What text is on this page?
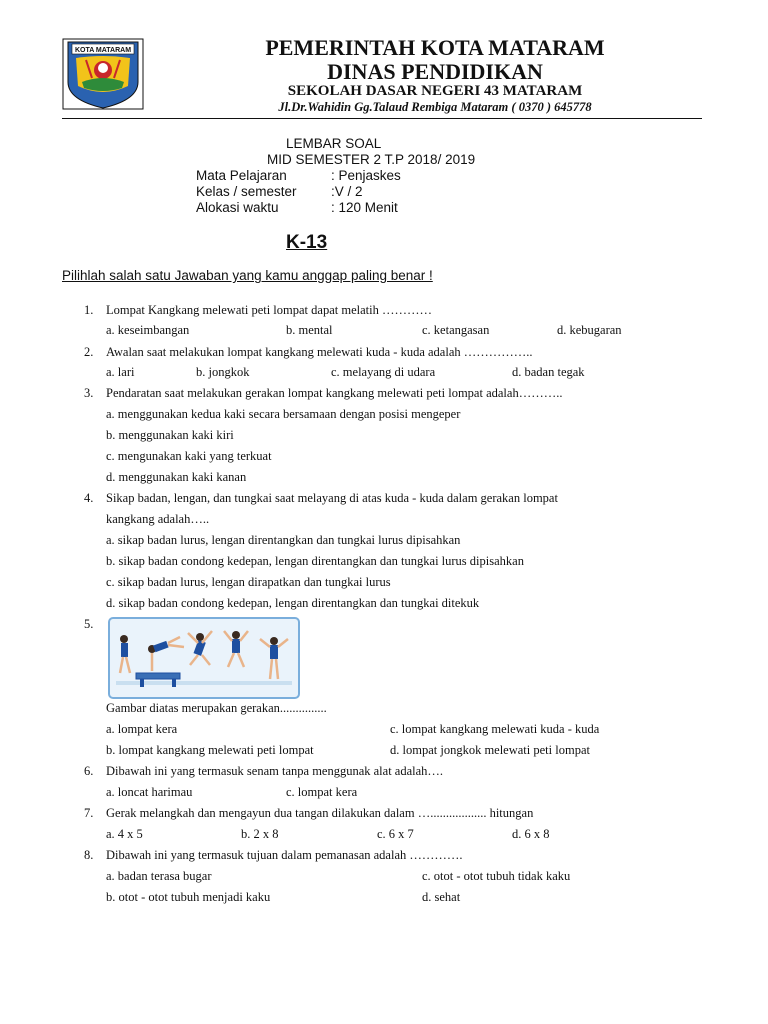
KOTA MATARAM	PEMERINTAH KOTA MATARAM
DINAS PENDIDIKAN
SEKOLAH DASAR NEGERI 43 MATARAM
Jl.Dr.Wahidin Gg.Talaud Rembiga Mataram ( 0370 ) 645778
LEMBAR SOAL
MID SEMESTER 2 T.P 2018/ 2019
Mata Pelajaran	: Penjaskes
Kelas / semester	:V / 2
Alokasi waktu	: 120 Menit
K-13
Pilihlah salah satu Jawaban yang kamu anggap paling benar !
1. Lompat Kangkang melewati peti lompat dapat melatih …………
a. keseimbangan	b. mental	c. ketangasan	d. kebugaran
2. Awalan saat melakukan lompat kangkang melewati kuda - kuda adalah ……………..
a. lari	b. jongkok	c. melayang di udara	d. badan tegak
3. Pendaratan saat melakukan gerakan lompat kangkang melewati peti lompat adalah………..
a. menggunakan kedua kaki secara bersamaan dengan posisi mengeper
b. menggunakan kaki kiri
c. mengunakan kaki yang terkuat
d. menggunakan kaki kanan
4. Sikap badan, lengan, dan tungkai saat melayang di atas kuda - kuda dalam gerakan lompat
kangkang adalah…..
a. sikap badan lurus, lengan direntangkan dan tungkai lurus dipisahkan
b. sikap badan condong kedepan, lengan direntangkan dan tungkai lurus dipisahkan
c. sikap badan lurus, lengan dirapatkan dan tungkai lurus
d. sikap badan condong kedepan, lengan direntangkan dan tungkai ditekuk
5.
Gambar diatas merupakan gerakan...............
a. lompat kera	c. lompat kangkang melewati kuda - kuda
b. lompat kangkang melewati peti lompat	d. lompat jongkok melewati peti lompat
6. Dibawah ini yang termasuk senam tanpa menggunak alat adalah….
a. loncat harimau	c. lompat kera
7. Gerak melangkah dan mengayun dua tangan dilakukan dalam ….................. hitungan
a. 4 x 5	b. 2 x 8	c. 6 x 7	d. 6 x 8
8. Dibawah ini yang termasuk tujuan dalam pemanasan adalah ………….
a. badan terasa bugar	c. otot - otot tubuh tidak kaku
b. otot - otot tubuh menjadi kaku	d. sehat
